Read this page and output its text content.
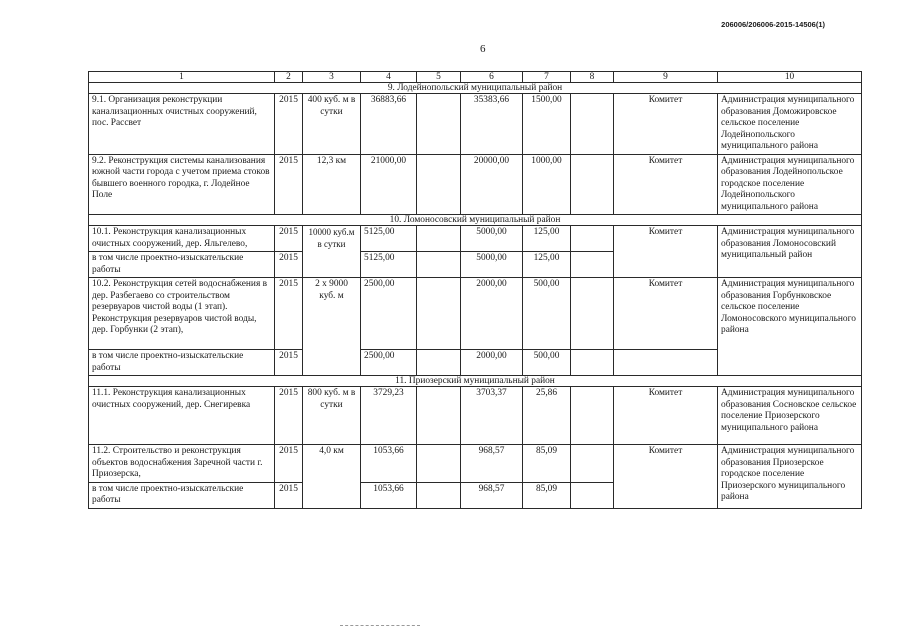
206006/206006-2015-14506(1)
6
1	2	3	4	5	6	7	8	9	10
9. Лодейнопольский муниципальный район									
9.1. Организация реконструкции канализационных очистных сооружений, пос. Рассвет	2015	400 куб. м в сутки	36883,66		35383,66	1500,00		Комитет	Администрация муниципального образования Доможировское сельское поселение Лодейнопольского муниципального района
9.2. Реконструкция системы канализования южной части города с учетом приема стоков бывшего военного городка, г. Лодейное Поле	2015	12,3 км	21000,00		20000,00	1000,00		Комитет	Администрация муниципального образования Лодейнопольское городское поселение Лодейнопольского муниципального района
10. Ломоносовский муниципальный район									
10.1. Реконструкция канализационных очистных сооружений, дер. Яльгелево,	2015	10000 куб.м в сутки	5125,00		5000,00	125,00		Комитет	Администрация муниципального образования Ломоносовский муниципальный район
в том числе проектно-изыскательские работы	2015		5125,00		5000,00	125,00			
10.2. Реконструкция сетей водоснабжения в дер. Разбегаево со строительством резервуаров чистой воды (1 этап). Реконструкция резервуаров чистой воды, дер. Горбунки (2 этап),	2015	2 х 9000 куб. м	2500,00		2000,00	500,00		Комитет	Администрация муниципального образования Горбунковское сельское поселение Ломоносовского муниципального района
в том числе проектно-изыскательские работы	2015		2500,00		2000,00	500,00			
11. Приозерский муниципальный район									
11.1. Реконструкция канализационных очистных сооружений, дер. Снегиревка	2015	800 куб. м в сутки	3729,23		3703,37	25,86		Комитет	Администрация муниципального образования Сосновское сельское поселение Приозерского муниципального района
11.2. Строительство и реконструкция объектов водоснабжения Заречной части г. Приозерска,	2015	4,0 км	1053,66		968,57	85,09		Комитет	Администрация муниципального образования Приозерское городское поселение Приозерского муниципального района
в том числе проектно-изыскательские работы	2015		1053,66		968,57	85,09			
